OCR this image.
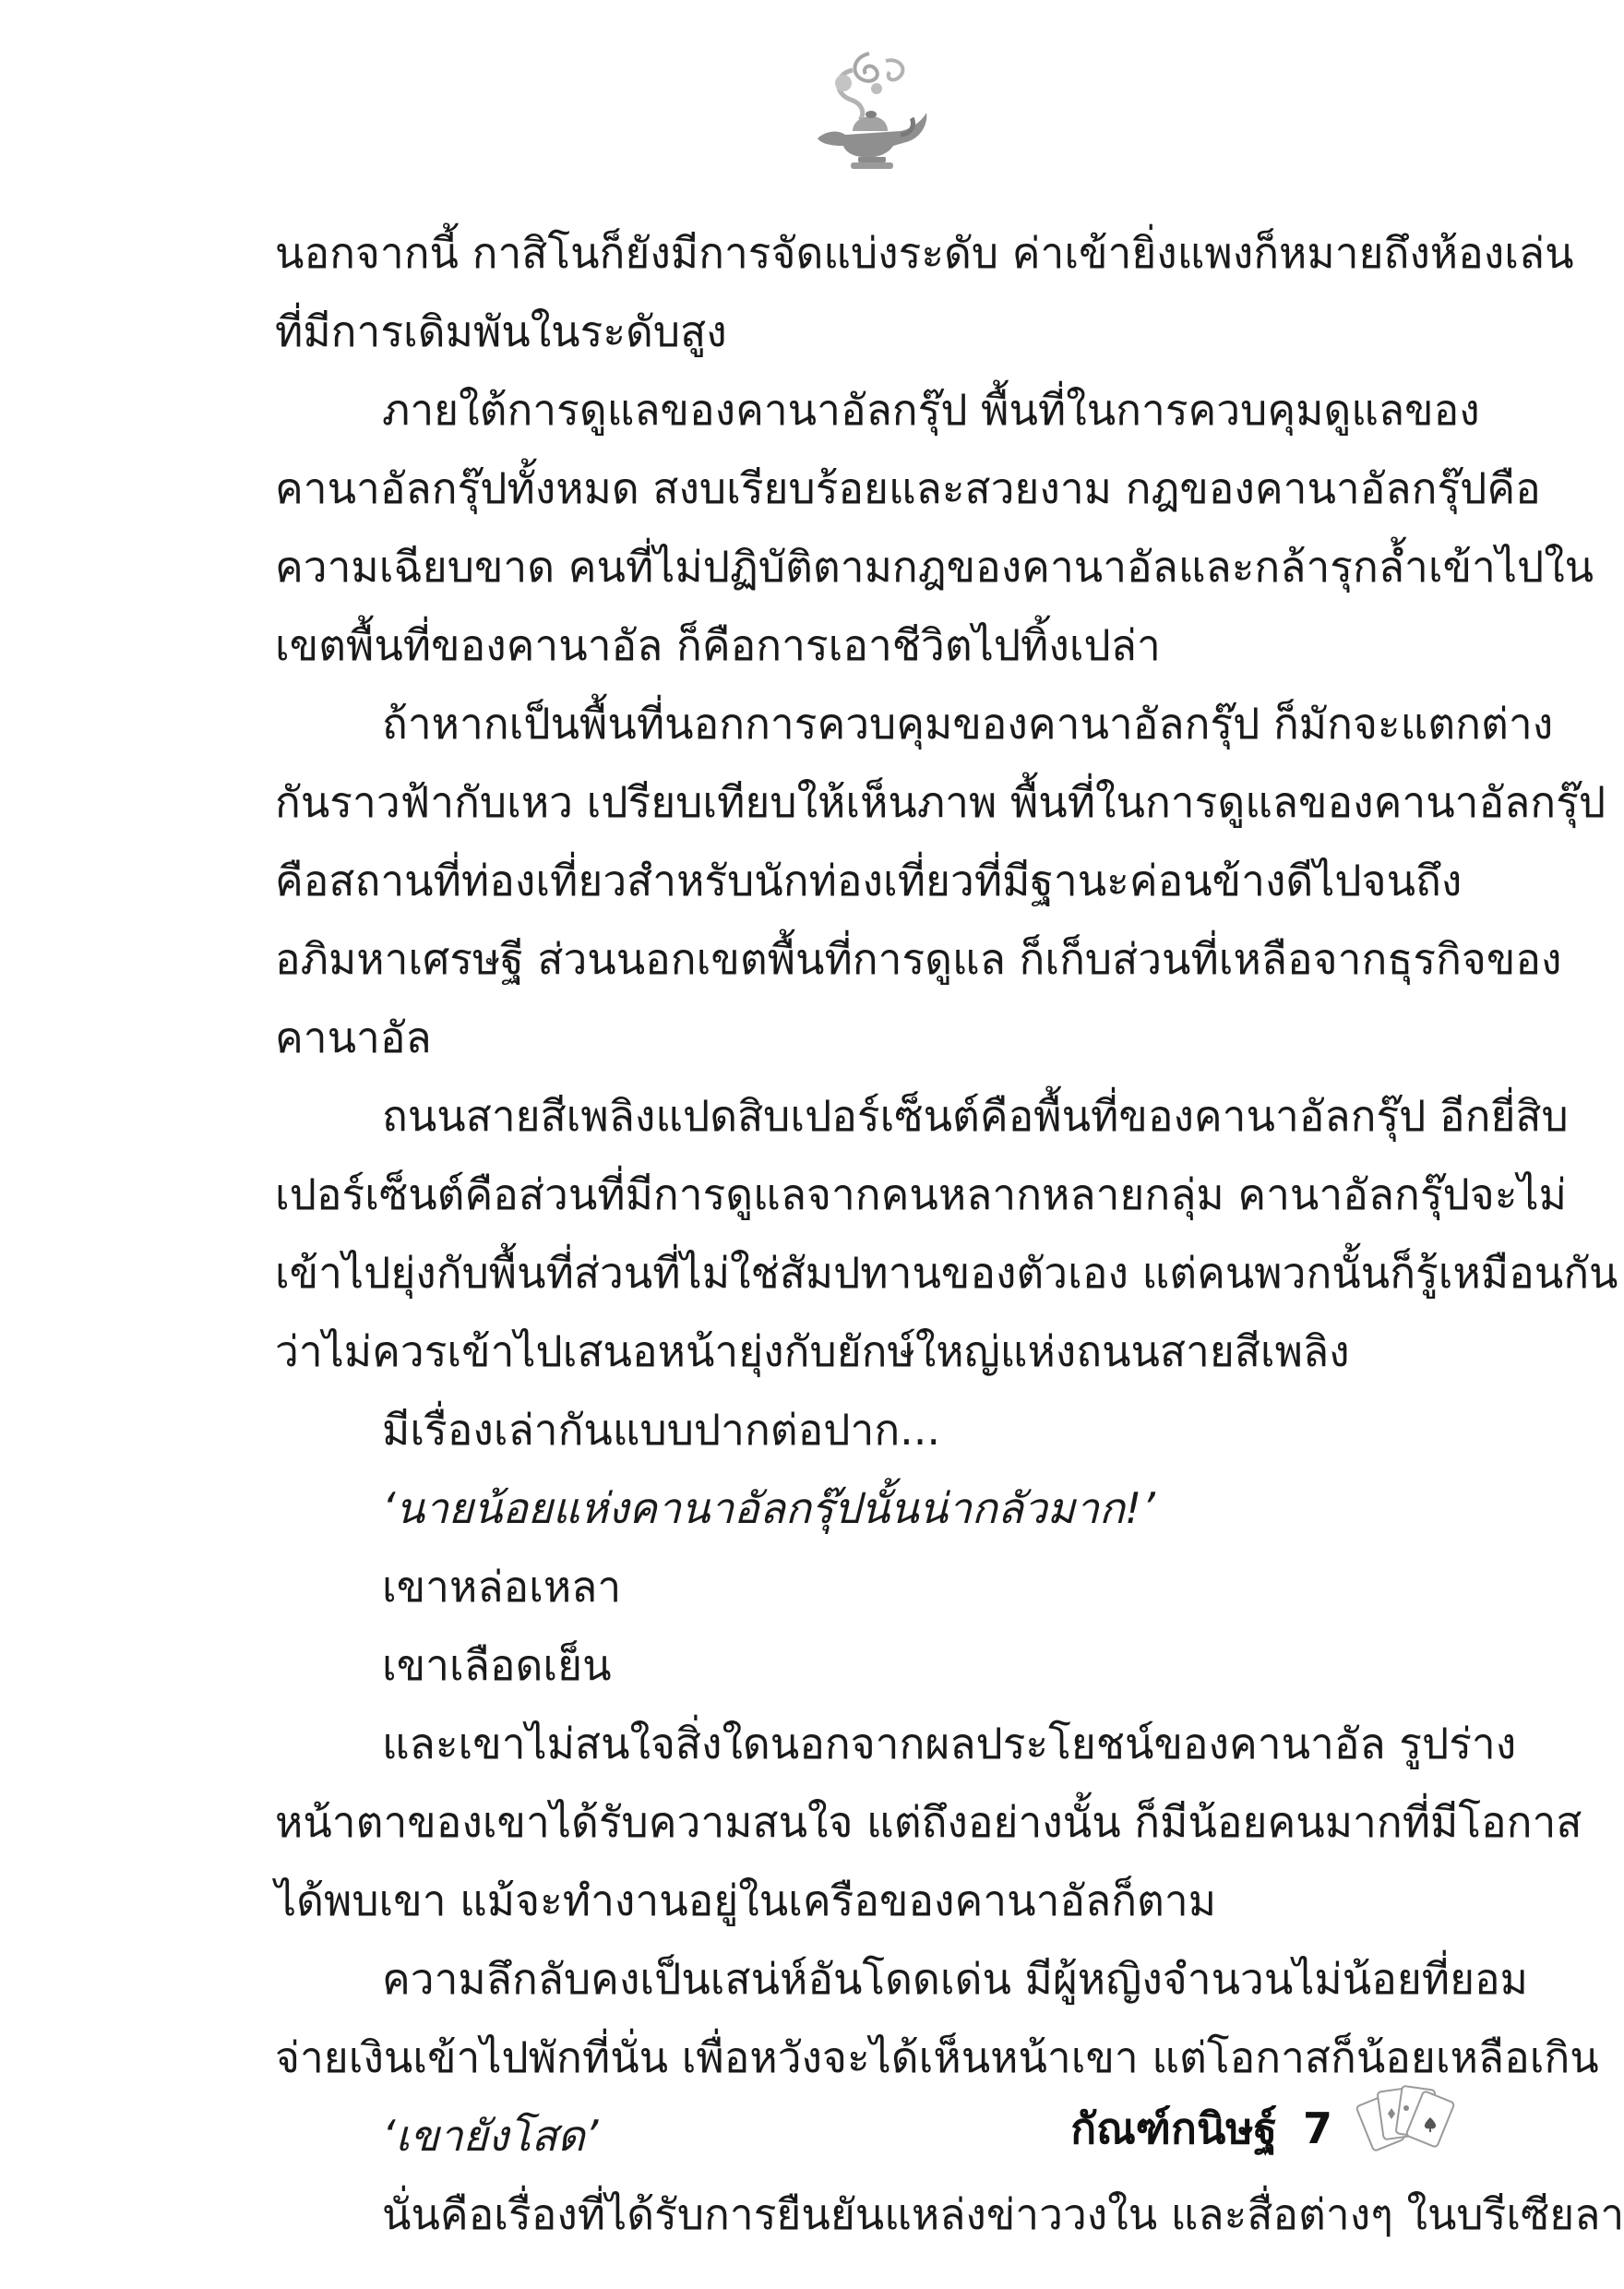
นอกจากนี้ กาสิโนก็ยังมีการจัดแบ่งระดับ ค่าเข้ายิ่งแพงก็หมายถึงห้องเล่น
ที่มีการเดิมพันในระดับสูง
ภายใต้การดูแลของคานาอัลกรุ๊ป พื้นที่ในการควบคุมดูแลของ
คานาอัลกรุ๊ปทั้งหมด สงบเรียบร้อยและสวยงาม กฎของคานาอัลกรุ๊ปคือ
ความเฉียบขาด คนที่ไม่ปฏิบัติตามกฎของคานาอัลและกล้ารุกล้ำเข้าไปใน
เขตพื้นที่ของคานาอัล ก็คือการเอาชีวิตไปทิ้งเปล่า
ถ้าหากเป็นพื้นที่นอกการควบคุมของคานาอัลกรุ๊ป ก็มักจะแตกต่าง
กันราวฟ้ากับเหว เปรียบเทียบให้เห็นภาพ พื้นที่ในการดูแลของคานาอัลกรุ๊ป
คือสถานที่ท่องเที่ยวสำหรับนักท่องเที่ยวที่มีฐานะค่อนข้างดีไปจนถึง
อภิมหาเศรษฐี ส่วนนอกเขตพื้นที่การดูแล ก็เก็บส่วนที่เหลือจากธุรกิจของ
คานาอัล
ถนนสายสีเพลิงแปดสิบเปอร์เซ็นต์คือพื้นที่ของคานาอัลกรุ๊ป อีกยี่สิบ
เปอร์เซ็นต์คือส่วนที่มีการดูแลจากคนหลากหลายกลุ่ม คานาอัลกรุ๊ปจะไม่
เข้าไปยุ่งกับพื้นที่ส่วนที่ไม่ใช่สัมปทานของตัวเอง แต่คนพวกนั้นก็รู้เหมือนกัน
ว่าไม่ควรเข้าไปเสนอหน้ายุ่งกับยักษ์ใหญ่แห่งถนนสายสีเพลิง
มีเรื่องเล่ากันแบบปากต่อปาก...
‘นายน้อยแห่งคานาอัลกรุ๊ปนั้นน่ากลัวมาก!’
เขาหล่อเหลา
เขาเลือดเย็น
และเขาไม่สนใจสิ่งใดนอกจากผลประโยชน์ของคานาอัล รูปร่าง
หน้าตาของเขาได้รับความสนใจ แต่ถึงอย่างนั้น ก็มีน้อยคนมากที่มีโอกาส
ได้พบเขา แม้จะทำงานอยู่ในเครือของคานาอัลก็ตาม
ความลึกลับคงเป็นเสน่ห์อันโดดเด่น มีผู้หญิงจำนวนไม่น้อยที่ยอม
จ่ายเงินเข้าไปพักที่นั่น เพื่อหวังจะได้เห็นหน้าเขา แต่โอกาสก็น้อยเหลือเกิน
‘เขายังโสด’
นั่นคือเรื่องที่ได้รับการยืนยันแหล่งข่าววงใน และสื่อต่างๆ ในบรีเซียลา
กัณฑ์กนิษฐ์ 7
